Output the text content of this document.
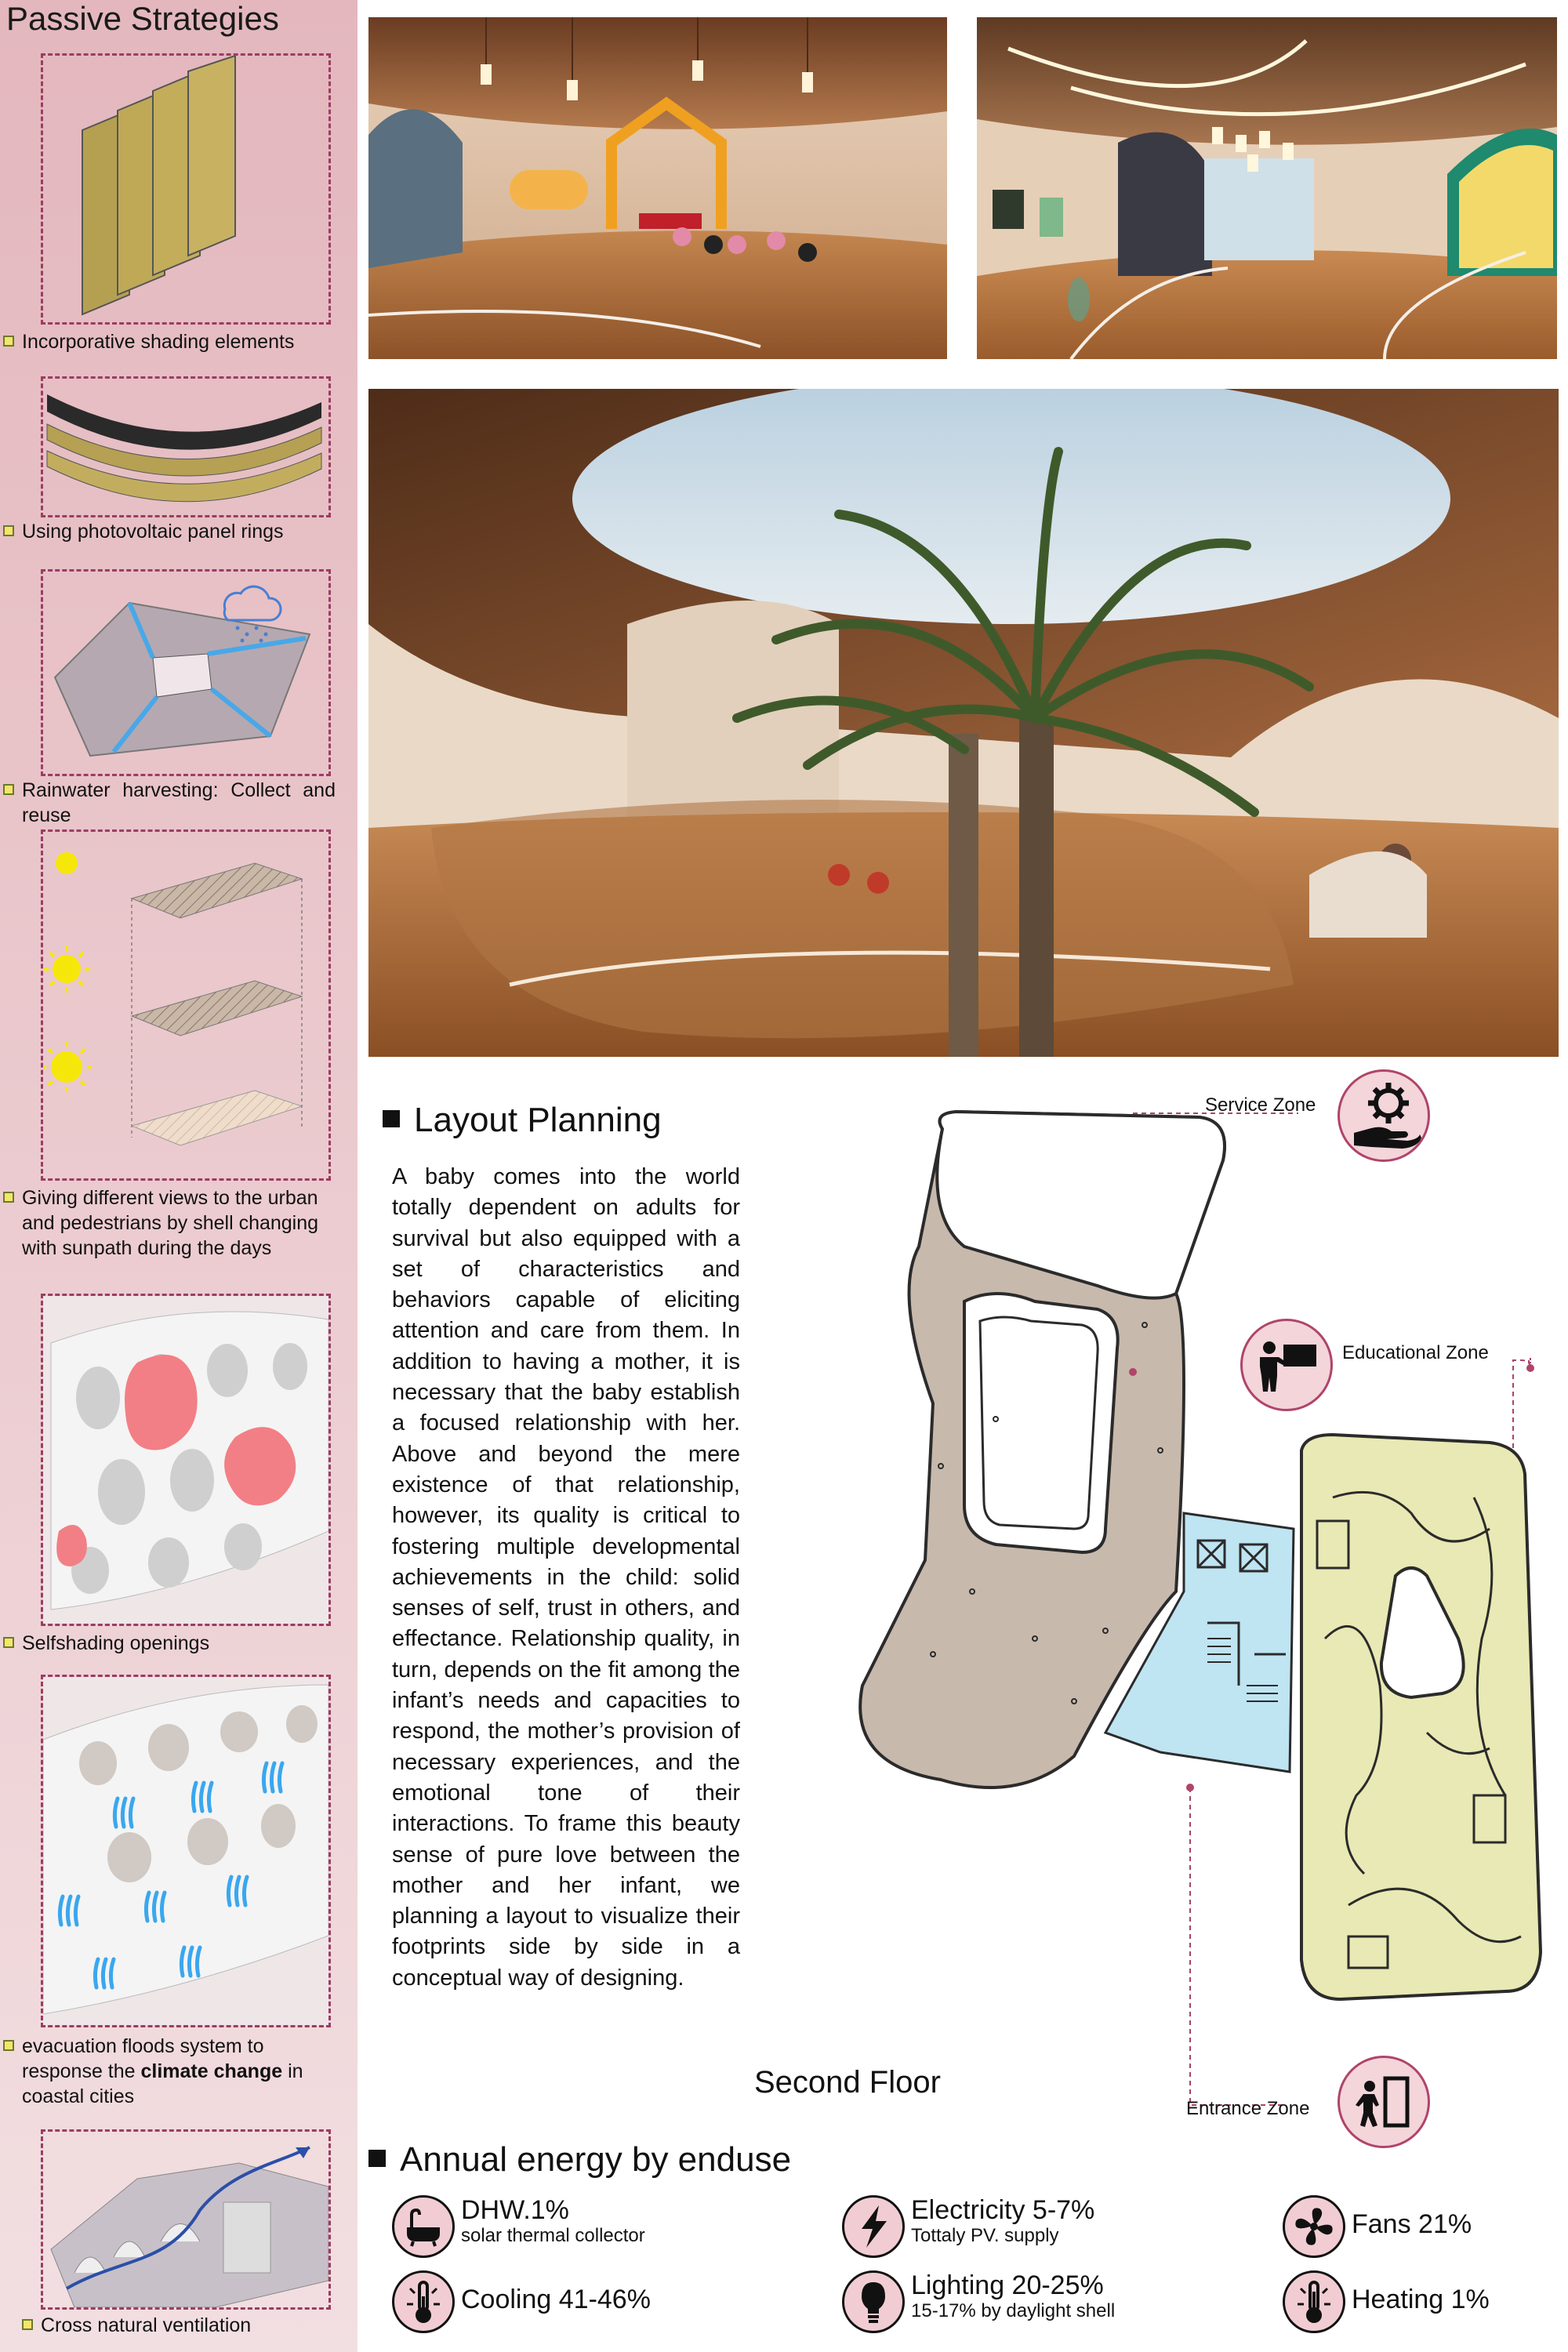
Passive Strategies
Incorporative shading elements
Using photovoltaic panel rings
Rainwater harvesting: Collect and reuse
Giving different views to the urban and pedestrians by shell changing with sunpath during the days
Selfshading openings
evacuation floods system to response the climate change in coastal cities
Cross natural ventilation
Layout Planning
A baby comes into the world totally dependent on adults for survival but also equipped with a set of characteristics and behaviors capable of eliciting attention and care from them. In addition to having a mother, it is necessary that the baby establish a focused relationship with her. Above and beyond the mere existence of that relationship, however, its quality is critical to fostering multiple developmental achievements in the child: solid senses of self, trust in others, and effectance. Relationship quality, in turn, depends on the fit among the infant’s needs and capacities to respond, the mother’s provision of necessary experiences, and the emotional tone of their interactions. To frame this beauty sense of pure love between the mother and her infant, we planning a layout to visualize their footprints side by side in a conceptual way of designing.
Service Zone
Educational Zone
Entrance Zone
Second Floor
Annual energy by enduse
DHW.1%
solar thermal collector
Electricity 5-7%
Tottaly PV. supply	Fans 21%
Cooling 41-46%	Lighting 20-25%
15-17% by daylight shell	Heating 1%
